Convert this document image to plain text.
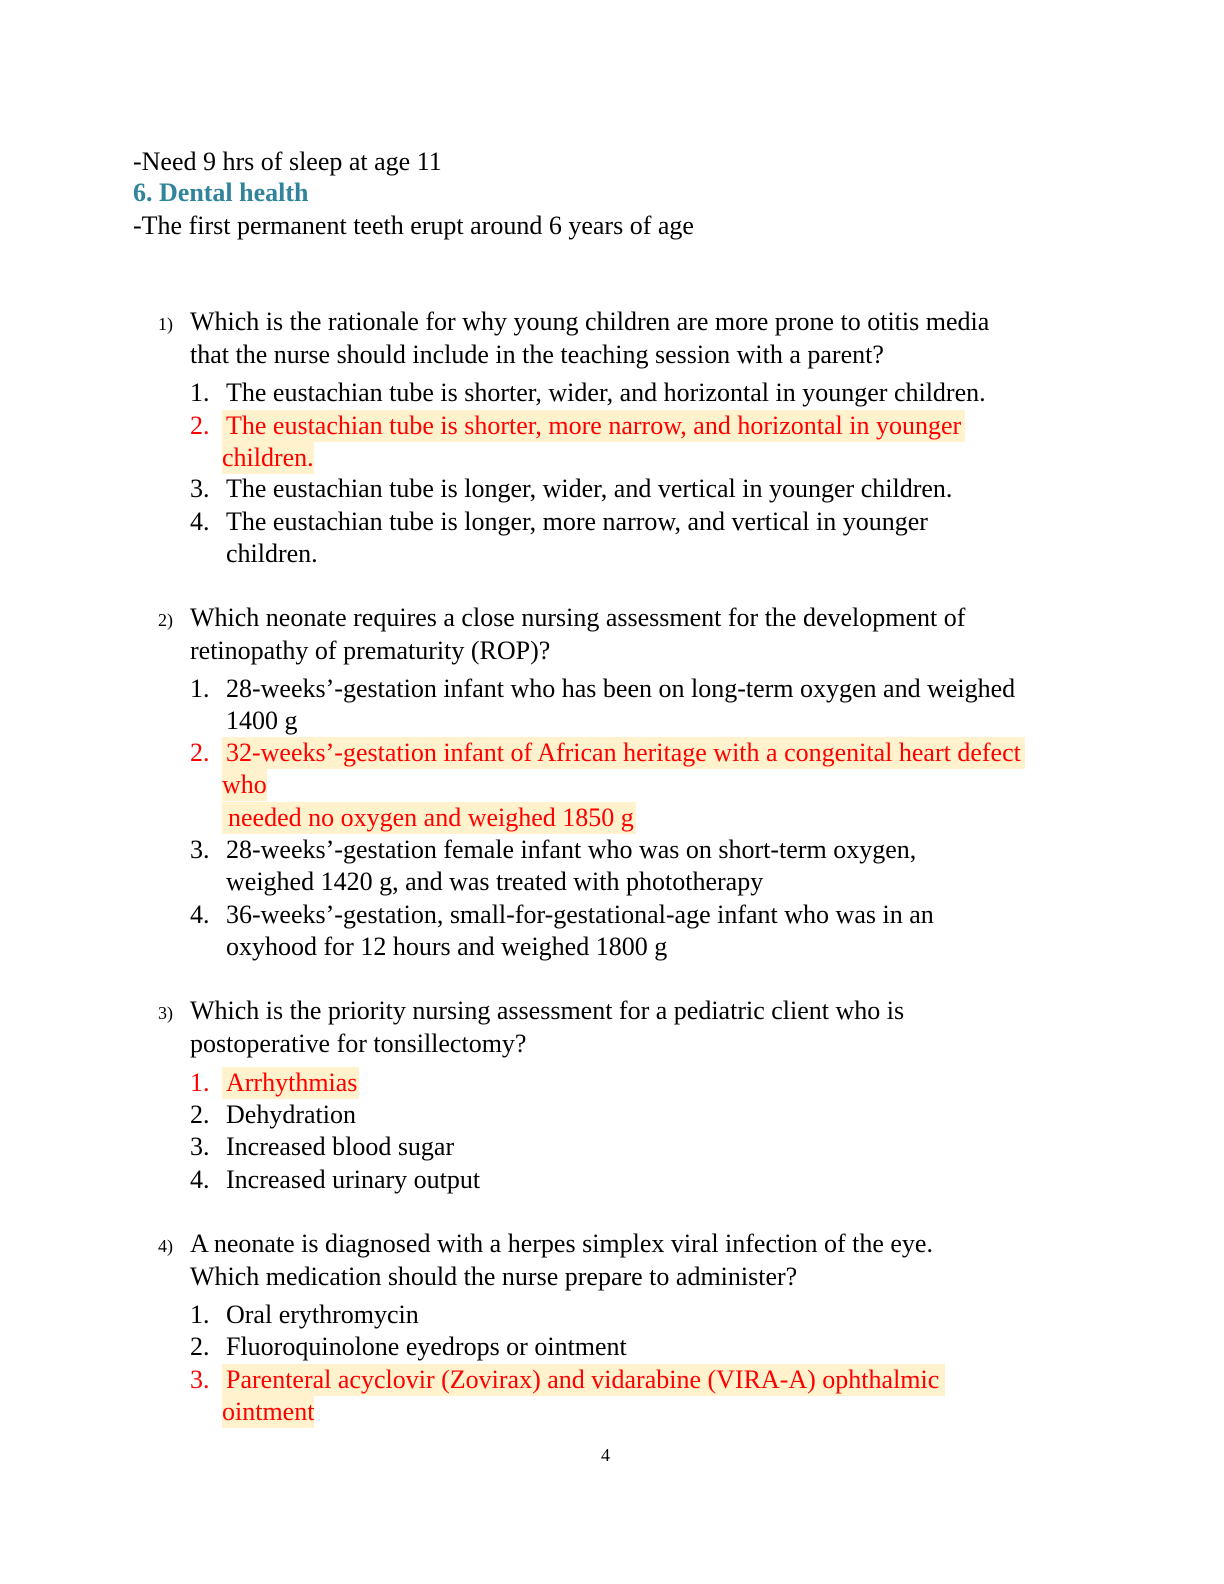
-Need 9 hrs of sleep at age 11
6. Dental health
-The first permanent teeth erupt around 6 years of age
1) Which is the rationale for why young children are more prone to otitis media
that the nurse should include in the teaching session with a parent?
1. The eustachian tube is shorter, wider, and horizontal in younger children.
2. The eustachian tube is shorter, more narrow, and horizontal in younger
children.
3. The eustachian tube is longer, wider, and vertical in younger children.
4. The eustachian tube is longer, more narrow, and vertical in younger
children.
2) Which neonate requires a close nursing assessment for the development of
retinopathy of prematurity (ROP)?
1. 28-weeks’-gestation infant who has been on long-term oxygen and weighed
1400 g
2. 32-weeks’-gestation infant of African heritage with a congenital heart defect
who
needed no oxygen and weighed 1850 g
3. 28-weeks’-gestation female infant who was on short-term oxygen,
weighed 1420 g, and was treated with phototherapy
4. 36-weeks’-gestation, small-for-gestational-age infant who was in an
oxyhood for 12 hours and weighed 1800 g
3) Which is the priority nursing assessment for a pediatric client who is
postoperative for tonsillectomy?
1. Arrhythmias
2. Dehydration
3. Increased blood sugar
4. Increased urinary output
4) A neonate is diagnosed with a herpes simplex viral infection of the eye.
Which medication should the nurse prepare to administer?
1. Oral erythromycin
2. Fluoroquinolone eyedrops or ointment
3. Parenteral acyclovir (Zovirax) and vidarabine (VIRA-A) ophthalmic
ointment
4
